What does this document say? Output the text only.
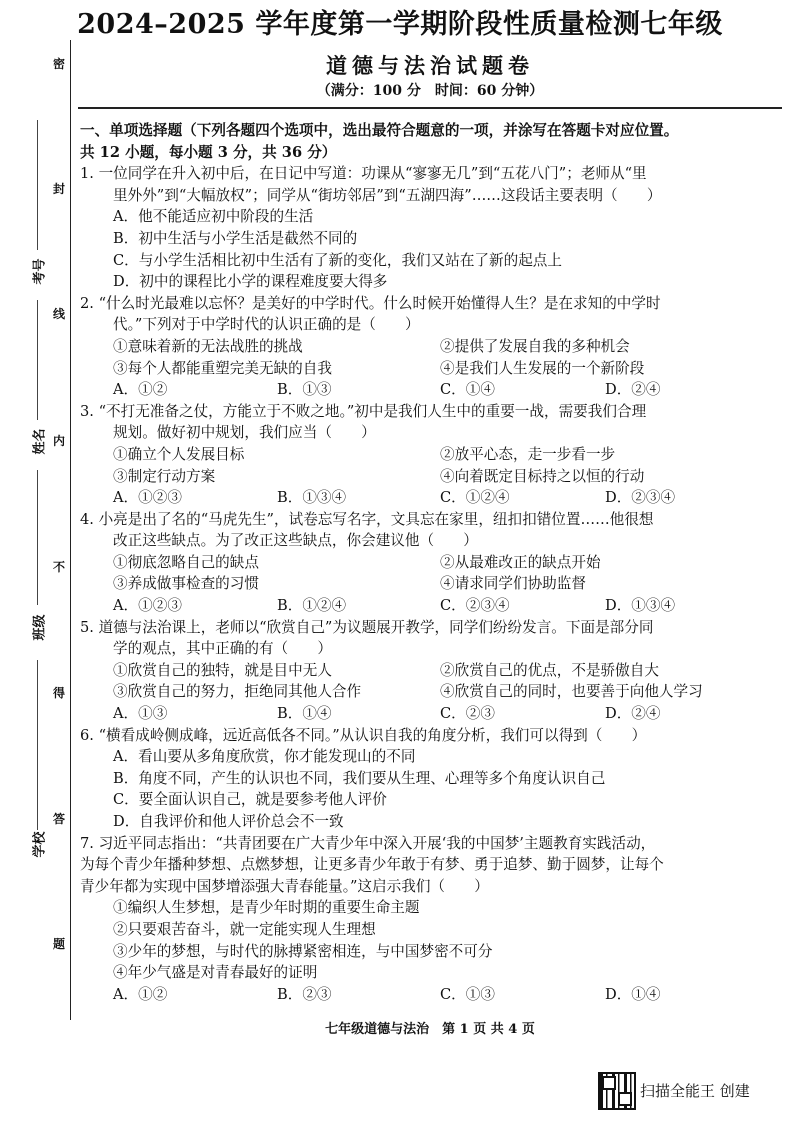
密
封
线
内
不
得
答
题
考号
姓名
班级
学校
2024–2025 学年度第一学期阶段性质量检测七年级
道德与法治试题卷
（满分：100 分　时间：60 分钟）

一、单项选择题（下列各题四个选项中，选出最符合题意的一项，并涂写在答题卡对应位置。

共 12 小题，每小题 3 分，共 36 分）

1. 一位同学在升入初中后，在日记中写道：功课从“寥寥无几”到“五花八门”；老师从“里

里外外”到“大幅放权”；同学从“街坊邻居”到“五湖四海”……这段话主要表明（　　）

A．他不能适应初中阶段的生活

B．初中生活与小学生活是截然不同的

C．与小学生活相比初中生活有了新的变化，我们又站在了新的起点上

D．初中的课程比小学的课程难度要大得多

2. “什么时光最难以忘怀？是美好的中学时代。什么时候开始懂得人生？是在求知的中学时

代。”下列对于中学时代的认识正确的是（　　）

①意味着新的无法战胜的挑战	②提供了发展自我的多种机会
③每个人都能重塑完美无缺的自我	④是我们人生发展的一个新阶段
A．①②	B．①③	C．①④	D．②④

3. “不打无准备之仗，方能立于不败之地。”初中是我们人生中的重要一战，需要我们合理

规划。做好初中规划，我们应当（　　）

①确立个人发展目标	②放平心态，走一步看一步
③制定行动方案	④向着既定目标持之以恒的行动
A．①②③	B．①③④	C．①②④	D．②③④

4. 小亮是出了名的“马虎先生”，试卷忘写名字，文具忘在家里，纽扣扣错位置……他很想

改正这些缺点。为了改正这些缺点，你会建议他（　　）

①彻底忽略自己的缺点	②从最难改正的缺点开始
③养成做事检查的习惯	④请求同学们协助监督
A．①②③	B．①②④	C．②③④	D．①③④

5. 道德与法治课上，老师以“欣赏自己”为议题展开教学，同学们纷纷发言。下面是部分同

学的观点，其中正确的有（　　）

①欣赏自己的独特，就是目中无人	②欣赏自己的优点，不是骄傲自大
③欣赏自己的努力，拒绝同其他人合作	④欣赏自己的同时，也要善于向他人学习
A．①③	B．①④	C．②③	D．②④

6. “横看成岭侧成峰，远近高低各不同。”从认识自我的角度分析，我们可以得到（　　）

A．看山要从多角度欣赏，你才能发现山的不同

B．角度不同，产生的认识也不同，我们要从生理、心理等多个角度认识自己

C．要全面认识自己，就是要参考他人评价

D．自我评价和他人评价总会不一致

7. 习近平同志指出：“共青团要在广大青少年中深入开展‘我的中国梦’主题教育实践活动，

为每个青少年播种梦想、点燃梦想，让更多青少年敢于有梦、勇于追梦、勤于圆梦，让每个

青少年都为实现中国梦增添强大青春能量。”这启示我们（　　）

①编织人生梦想，是青少年时期的重要生命主题

②只要艰苦奋斗，就一定能实现人生理想

③少年的梦想，与时代的脉搏紧密相连，与中国梦密不可分

④年少气盛是对青春最好的证明

A．①②	B．②③	C．①③	D．①④
七年级道德与法治　第 1 页 共 4 页
扫描全能王 创建
